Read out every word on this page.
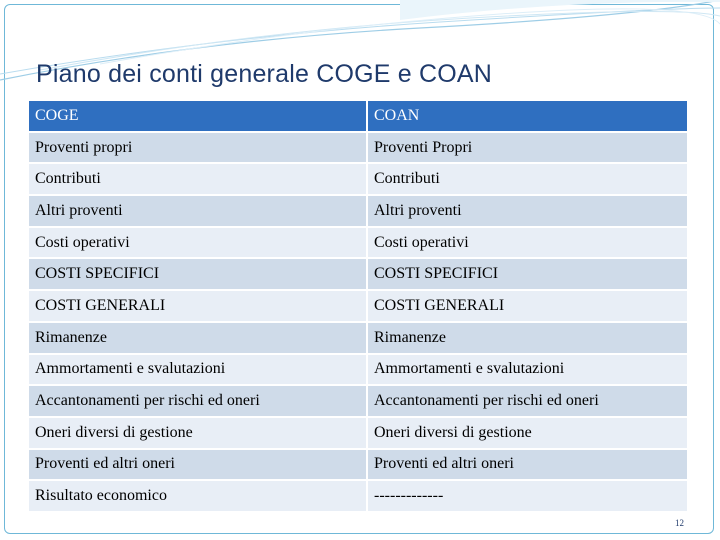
Piano dei conti generale COGE e COAN
COGE	COAN
Proventi propri	Proventi Propri
Contributi	Contributi
Altri proventi	Altri proventi
Costi operativi	Costi operativi
COSTI SPECIFICI	COSTI SPECIFICI
COSTI GENERALI	COSTI GENERALI
Rimanenze	Rimanenze
Ammortamenti e svalutazioni	Ammortamenti e svalutazioni
Accantonamenti per rischi ed oneri	Accantonamenti per rischi ed oneri
Oneri diversi di gestione	Oneri diversi di gestione
Proventi ed altri oneri	Proventi ed altri oneri
Risultato economico	-------------
12
